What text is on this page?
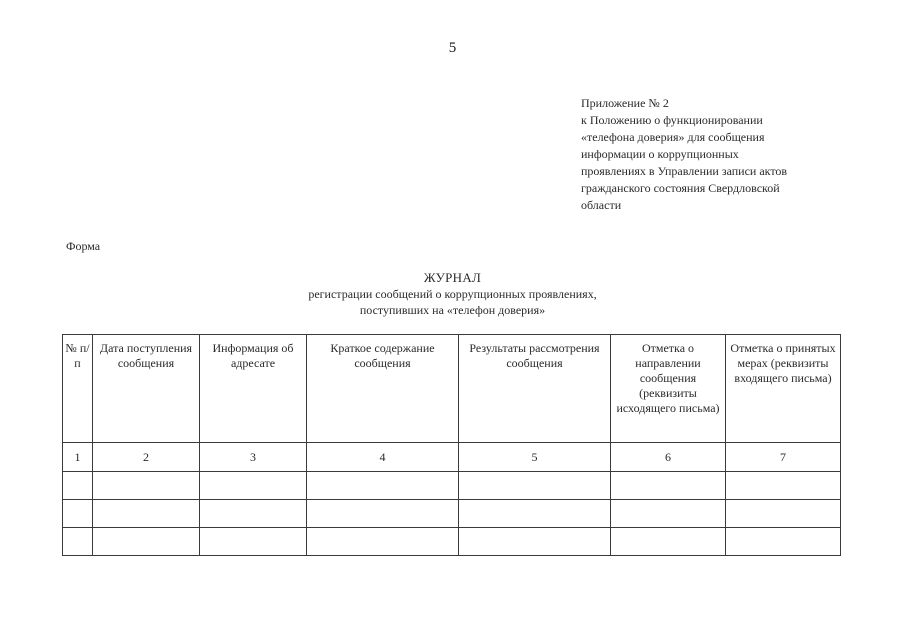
5
Приложение № 2
к Положению о функционировании
«телефона доверия» для сообщения
информации о коррупционных
проявлениях в Управлении записи актов
гражданского состояния Свердловской
области
Форма
ЖУРНАЛ
регистрации сообщений о коррупционных проявлениях,
поступивших на «телефон доверия»
№ п/п	Дата поступления сообщения	Информация об адресате	Краткое содержание сообщения	Результаты рассмотрения сообщения	Отметка о направлении сообщения (реквизиты исходящего письма)	Отметка о принятых мерах (реквизиты входящего письма)
1	2	3	4	5	6	7
